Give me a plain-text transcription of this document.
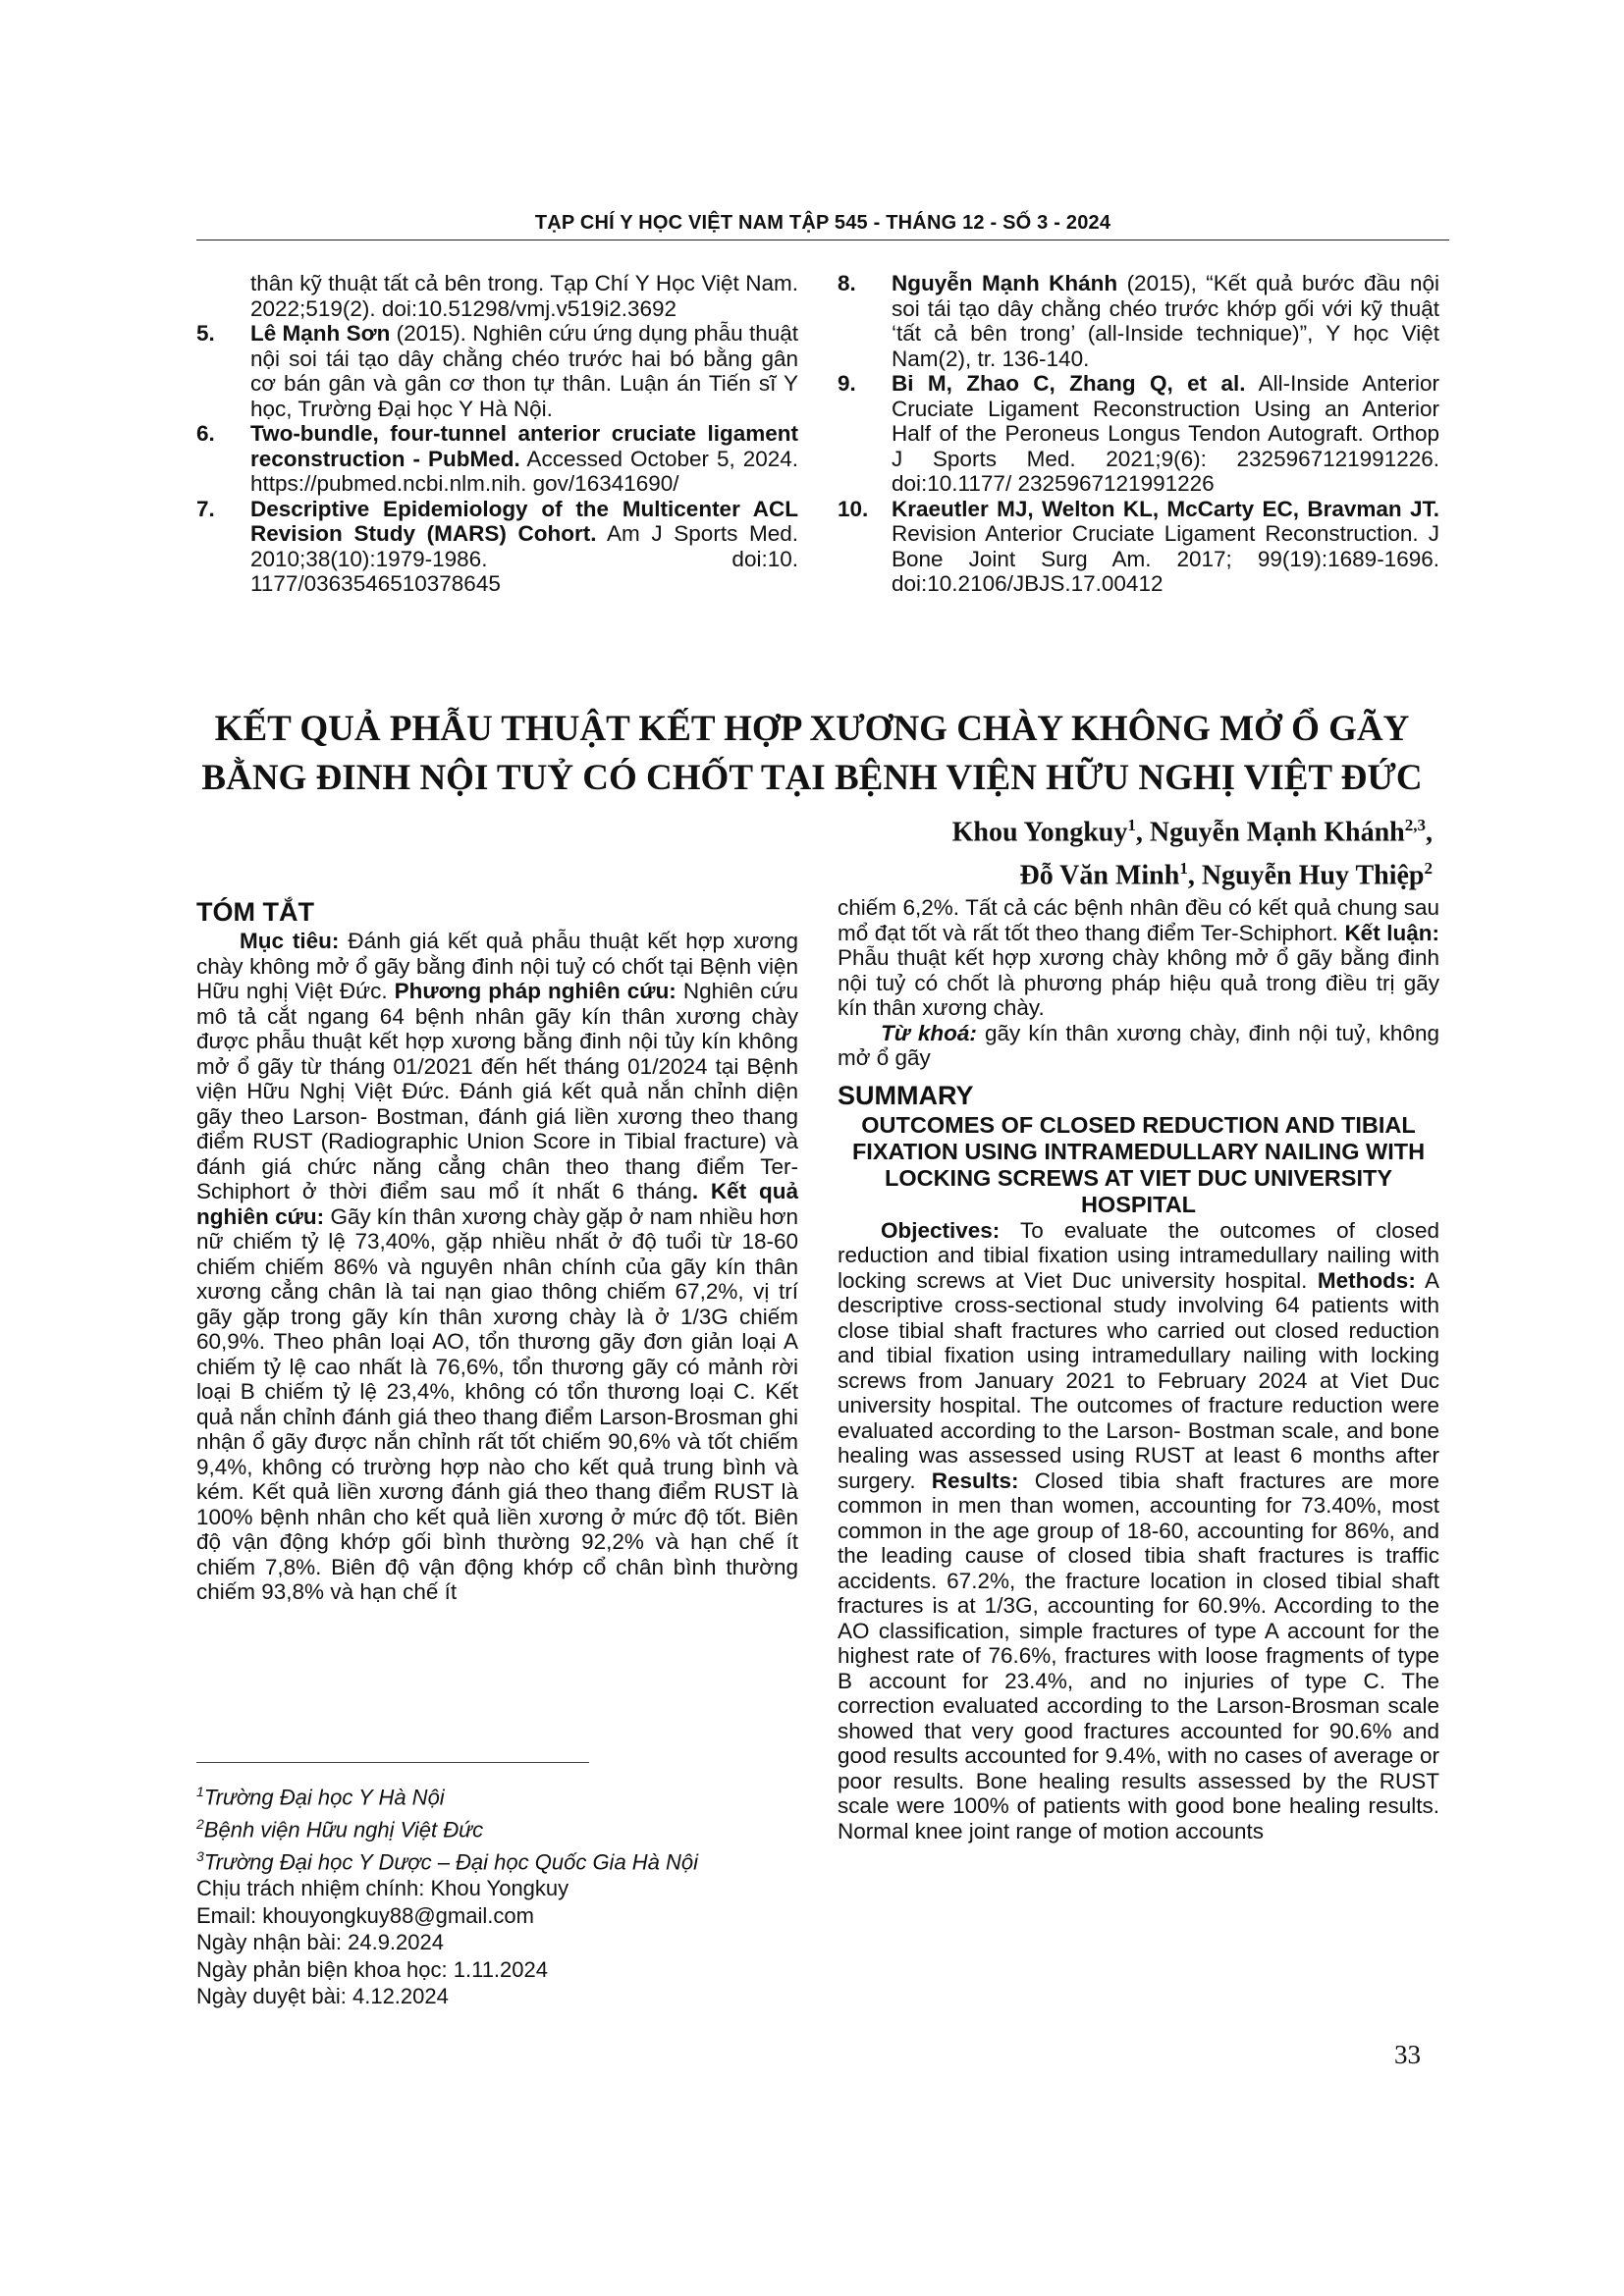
TẠP CHÍ Y HỌC VIỆT NAM TẬP 545 - THÁNG 12 - SỐ 3 - 2024

thân kỹ thuật tất cả bên trong. Tạp Chí Y Học Việt Nam. 2022;519(2). doi:10.51298/vmj.v519i2.3692

5. Lê Mạnh Sơn (2015). Nghiên cứu ứng dụng phẫu thuật nội soi tái tạo dây chằng chéo trước hai bó bằng gân cơ bán gân và gân cơ thon tự thân. Luận án Tiến sĩ Y học, Trường Đại học Y Hà Nội.

6. Two-bundle, four-tunnel anterior cruciate ligament reconstruction - PubMed. Accessed October 5, 2024. https://pubmed.ncbi.nlm.nih. gov/16341690/

7. Descriptive Epidemiology of the Multicenter ACL Revision Study (MARS) Cohort. Am J Sports Med. 2010;38(10):1979-1986. doi:10. 1177/0363546510378645

8. Nguyễn Mạnh Khánh (2015), “Kết quả bước đầu nội soi tái tạo dây chằng chéo trước khớp gối với kỹ thuật ‘tất cả bên trong’ (all-Inside technique)”, Y học Việt Nam(2), tr. 136-140.

9. Bi M, Zhao C, Zhang Q, et al. All-Inside Anterior Cruciate Ligament Reconstruction Using an Anterior Half of the Peroneus Longus Tendon Autograft. Orthop J Sports Med. 2021;9(6): 2325967121991226. doi:10.1177/ 2325967121991226

10. Kraeutler MJ, Welton KL, McCarty EC, Bravman JT. Revision Anterior Cruciate Ligament Reconstruction. J Bone Joint Surg Am. 2017; 99(19):1689-1696. doi:10.2106/JBJS.17.00412

KẾT QUẢ PHẪU THUẬT KẾT HỢP XƯƠNG CHÀY KHÔNG MỞ Ổ GÃY
BẰNG ĐINH NỘI TUỶ CÓ CHỐT TẠI BỆNH VIỆN HỮU NGHỊ VIỆT ĐỨC
Khou Yongkuy$^1$, Nguyễn Mạnh Khánh$^{2,3}$,
Đỗ Văn Minh$^1$, Nguyễn Huy Thiệp$^2$

TÓM TẮT

Mục tiêu: Đánh giá kết quả phẫu thuật kết hợp xương chày không mở ổ gãy bằng đinh nội tuỷ có chốt tại Bệnh viện Hữu nghị Việt Đức. Phương pháp nghiên cứu: Nghiên cứu mô tả cắt ngang 64 bệnh nhân gãy kín thân xương chày được phẫu thuật kết hợp xương bằng đinh nội tủy kín không mở ổ gãy từ tháng 01/2021 đến hết tháng 01/2024 tại Bệnh viện Hữu Nghị Việt Đức. Đánh giá kết quả nắn chỉnh diện gãy theo Larson- Bostman, đánh giá liền xương theo thang điểm RUST (Radiographic Union Score in Tibial fracture) và đánh giá chức năng cẳng chân theo thang điểm Ter- Schiphort ở thời điểm sau mổ ít nhất 6 tháng. Kết quả nghiên cứu: Gãy kín thân xương chày gặp ở nam nhiều hơn nữ chiếm tỷ lệ 73,40%, gặp nhiều nhất ở độ tuổi từ 18-60 chiếm chiếm 86% và nguyên nhân chính của gãy kín thân xương cẳng chân là tai nạn giao thông chiếm 67,2%, vị trí gãy gặp trong gãy kín thân xương chày là ở 1/3G chiếm 60,9%. Theo phân loại AO, tổn thương gãy đơn giản loại A chiếm tỷ lệ cao nhất là 76,6%, tổn thương gãy có mảnh rời loại B chiếm tỷ lệ 23,4%, không có tổn thương loại C. Kết quả nắn chỉnh đánh giá theo thang điểm Larson-Brosman ghi nhận ổ gãy được nắn chỉnh rất tốt chiếm 90,6% và tốt chiếm 9,4%, không có trường hợp nào cho kết quả trung bình và kém. Kết quả liền xương đánh giá theo thang điểm RUST là 100% bệnh nhân cho kết quả liền xương ở mức độ tốt. Biên độ vận động khớp gối bình thường 92,2% và hạn chế ít chiếm 7,8%. Biên độ vận động khớp cổ chân bình thường chiếm 93,8% và hạn chế ít

chiếm 6,2%. Tất cả các bệnh nhân đều có kết quả chung sau mổ đạt tốt và rất tốt theo thang điểm Ter-Schiphort. Kết luận: Phẫu thuật kết hợp xương chày không mở ổ gãy bằng đinh nội tuỷ có chốt là phương pháp hiệu quả trong điều trị gãy kín thân xương chày.

Từ khoá: gãy kín thân xương chày, đinh nội tuỷ, không mở ổ gãy

SUMMARY

OUTCOMES OF CLOSED REDUCTION AND TIBIAL FIXATION USING INTRAMEDULLARY NAILING WITH LOCKING SCREWS AT VIET DUC UNIVERSITY HOSPITAL

Objectives: To evaluate the outcomes of closed reduction and tibial fixation using intramedullary nailing with locking screws at Viet Duc university hospital. Methods: A descriptive cross-sectional study involving 64 patients with close tibial shaft fractures who carried out closed reduction and tibial fixation using intramedullary nailing with locking screws from January 2021 to February 2024 at Viet Duc university hospital. The outcomes of fracture reduction were evaluated according to the Larson- Bostman scale, and bone healing was assessed using RUST at least 6 months after surgery. Results: Closed tibia shaft fractures are more common in men than women, accounting for 73.40%, most common in the age group of 18-60, accounting for 86%, and the leading cause of closed tibia shaft fractures is traffic accidents. 67.2%, the fracture location in closed tibial shaft fractures is at 1/3G, accounting for 60.9%. According to the AO classification, simple fractures of type A account for the highest rate of 76.6%, fractures with loose fragments of type B account for 23.4%, and no injuries of type C. The correction evaluated according to the Larson-Brosman scale showed that very good fractures accounted for 90.6% and good results accounted for 9.4%, with no cases of average or poor results. Bone healing results assessed by the RUST scale were 100% of patients with good bone healing results. Normal knee joint range of motion accounts

$^1$Trường Đại học Y Hà Nội
$^2$Bệnh viện Hữu nghị Việt Đức
$^3$Trường Đại học Y Dược – Đại học Quốc Gia Hà Nội
Chịu trách nhiệm chính: Khou Yongkuy
Email: khouyongkuy88@gmail.com
Ngày nhận bài: 24.9.2024
Ngày phản biện khoa học: 1.11.2024
Ngày duyệt bài: 4.12.2024
33
